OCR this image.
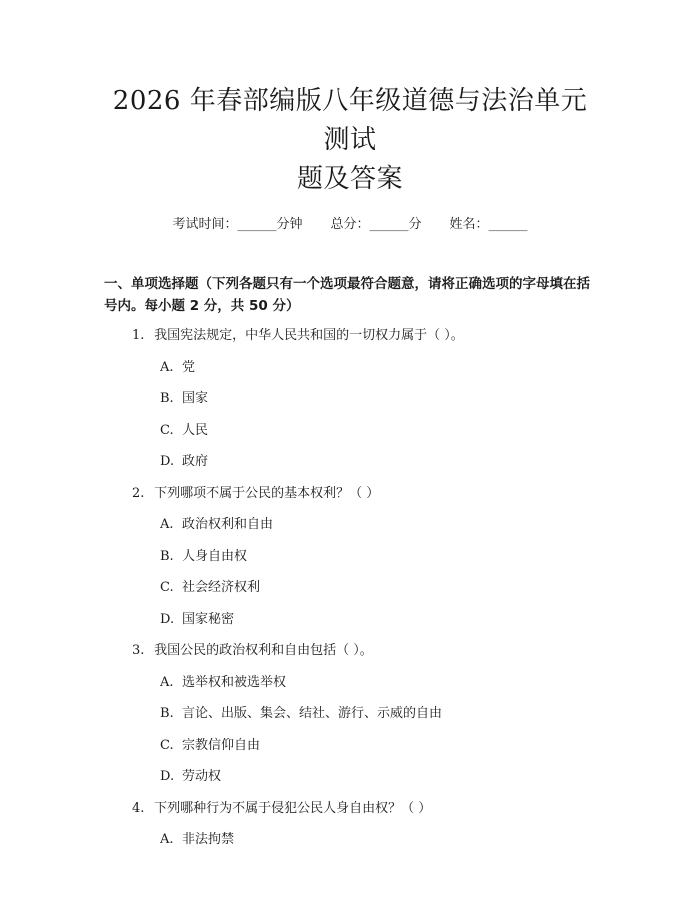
2026 年春部编版八年级道德与法治单元测试
题及答案
考试时间：______分钟 总分：______分 姓名：______
一、单项选择题（下列各题只有一个选项最符合题意，请将正确选项的字母填在括号内。每小题 2 分，共 50 分）
1. 我国宪法规定，中华人民共和国的一切权力属于（ ）。
A. 党
B. 国家
C. 人民
D. 政府
2. 下列哪项不属于公民的基本权利？（ ）
A. 政治权利和自由
B. 人身自由权
C. 社会经济权利
D. 国家秘密
3. 我国公民的政治权利和自由包括（ ）。
A. 选举权和被选举权
B. 言论、出版、集会、结社、游行、示威的自由
C. 宗教信仰自由
D. 劳动权
4. 下列哪种行为不属于侵犯公民人身自由权？（ ）
A. 非法拘禁
